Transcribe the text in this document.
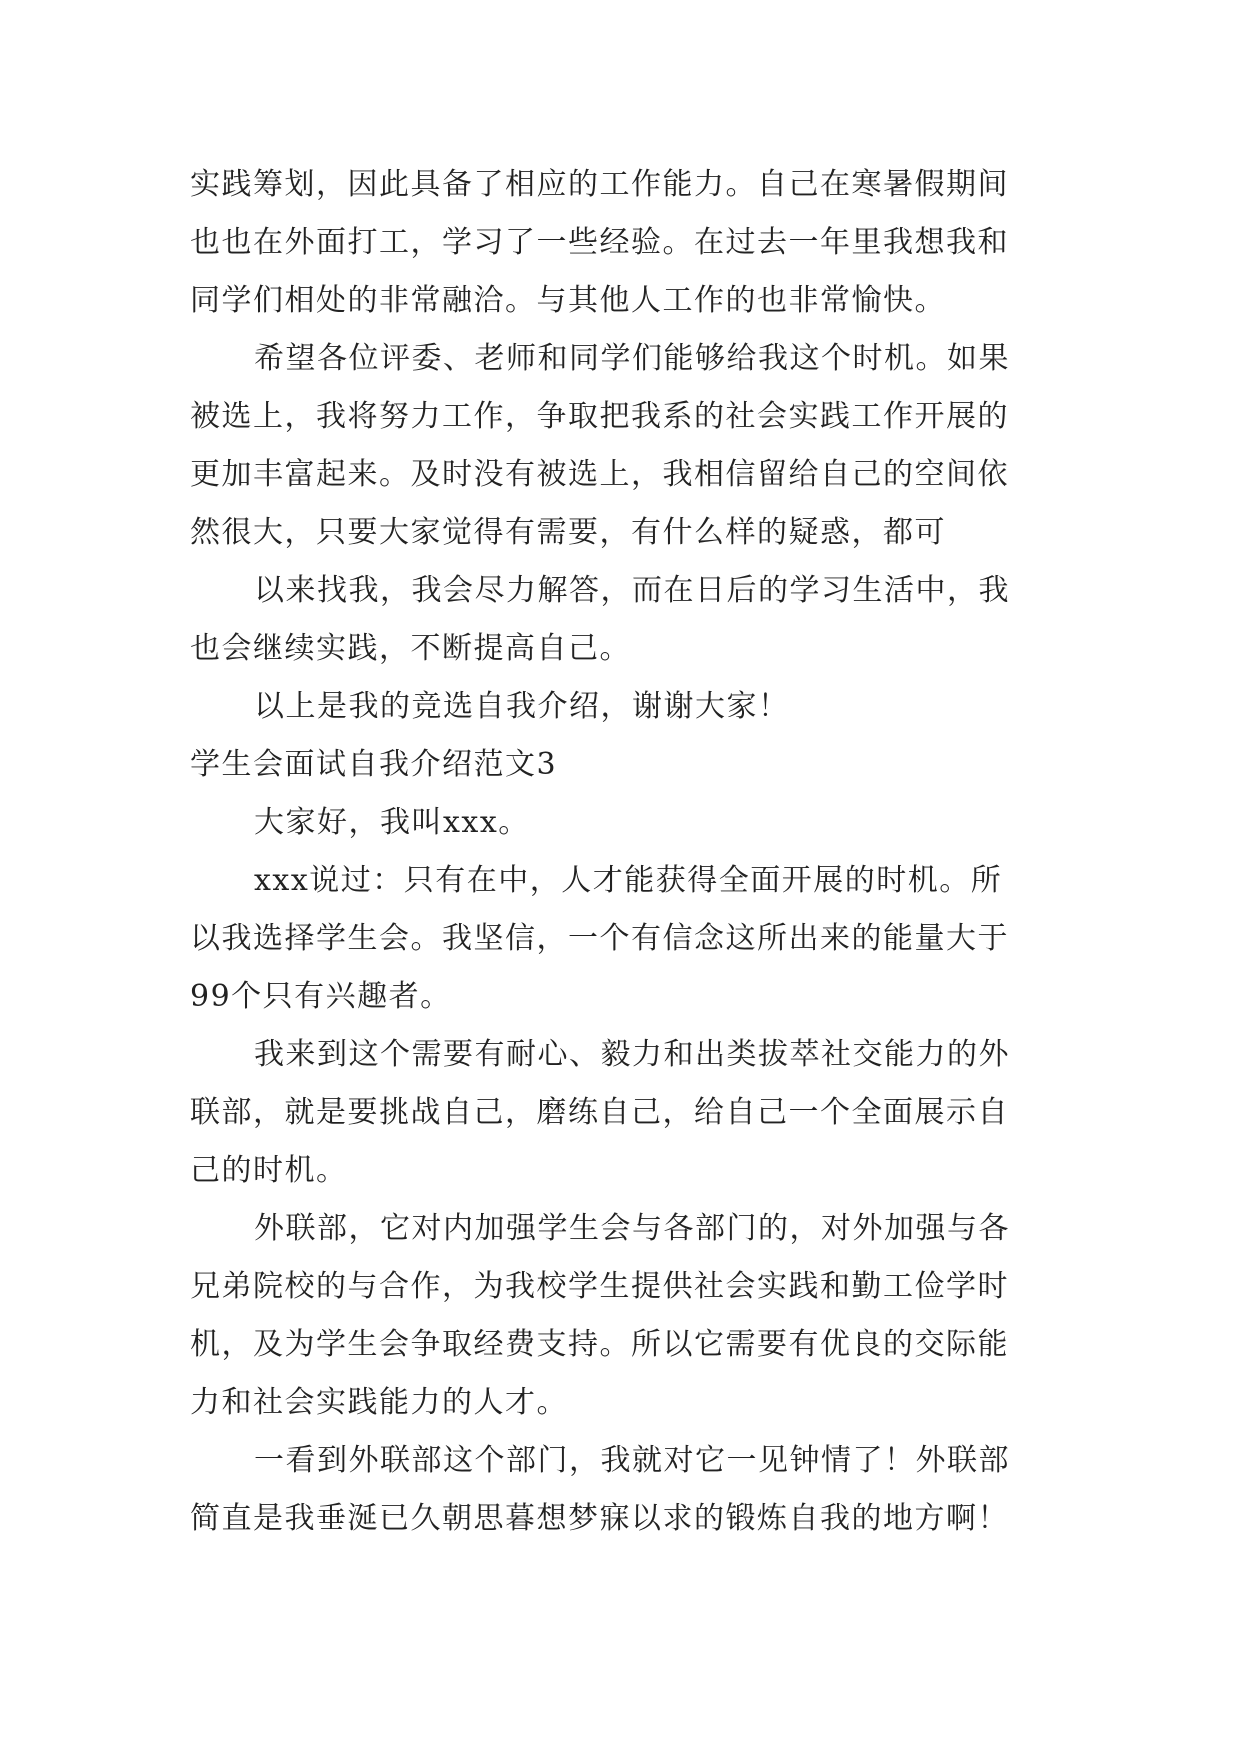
实践筹划，因此具备了相应的工作能力。自己在寒暑假期间
也也在外面打工，学习了一些经验。在过去一年里我想我和
同学们相处的非常融洽。与其他人工作的也非常愉快。
希望各位评委、老师和同学们能够给我这个时机。如果
被选上，我将努力工作，争取把我系的社会实践工作开展的
更加丰富起来。及时没有被选上，我相信留给自己的空间依
然很大，只要大家觉得有需要，有什么样的疑惑，都可
以来找我，我会尽力解答，而在日后的学习生活中，我
也会继续实践，不断提高自己。
以上是我的竞选自我介绍，谢谢大家！
学生会面试自我介绍范文3
大家好，我叫xxx。
xxx说过：只有在中，人才能获得全面开展的时机。所
以我选择学生会。我坚信，一个有信念这所出来的能量大于
99个只有兴趣者。
我来到这个需要有耐心、毅力和出类拔萃社交能力的外
联部，就是要挑战自己，磨练自己，给自己一个全面展示自
己的时机。
外联部，它对内加强学生会与各部门的，对外加强与各
兄弟院校的与合作，为我校学生提供社会实践和勤工俭学时
机，及为学生会争取经费支持。所以它需要有优良的交际能
力和社会实践能力的人才。
一看到外联部这个部门，我就对它一见钟情了！外联部
简直是我垂涎已久朝思暮想梦寐以求的锻炼自我的地方啊！
